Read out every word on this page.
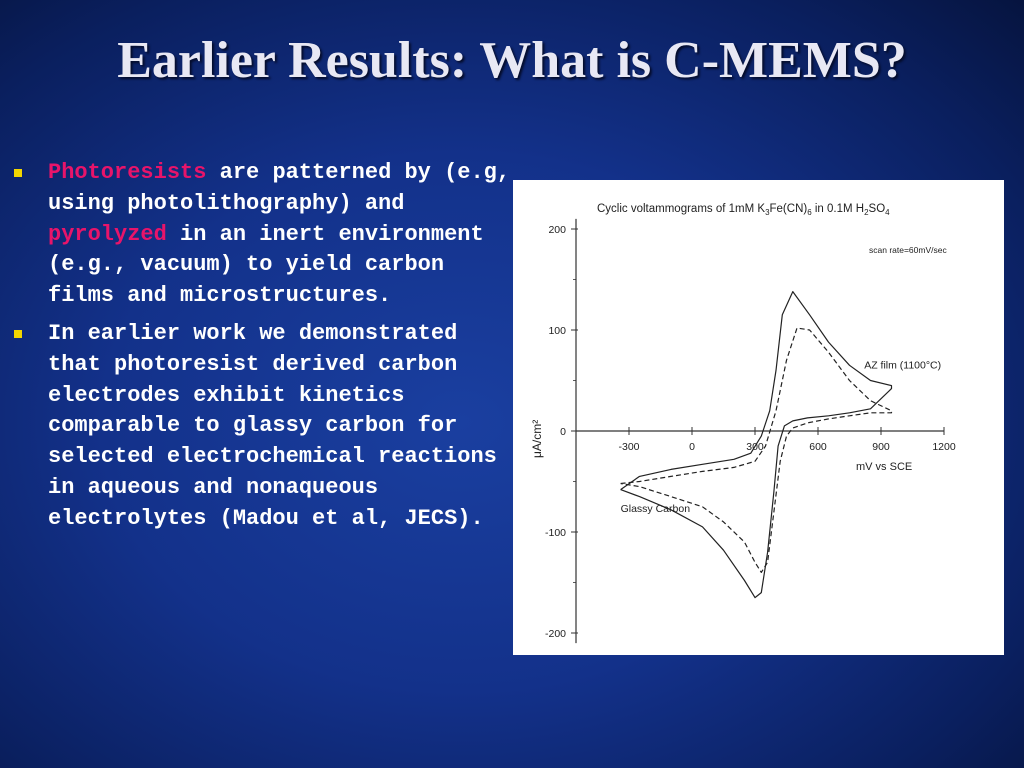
Earlier Results: What is C-MEMS?
Photoresists are patterned by (e.g, using photolithography) and pyrolyzed in an inert environment (e.g., vacuum) to yield carbon films and microstructures.
In earlier work we demonstrated that photoresist derived carbon electrodes exhibit kinetics comparable to glassy carbon for selected electrochemical reactions in aqueous and nonaqueous electrolytes (Madou et al, JECS).
Cyclic voltammograms of 1mM $K_3Fe(CN)_6$ in 0.1M $H_2SO_4$
scan rate=60mV/sec
mV vs SCE
μA/cm²
200
100
0
-100
-200
-300	0	300	600	900	1200
AZ film (1100°C)
Glassy Carbon
